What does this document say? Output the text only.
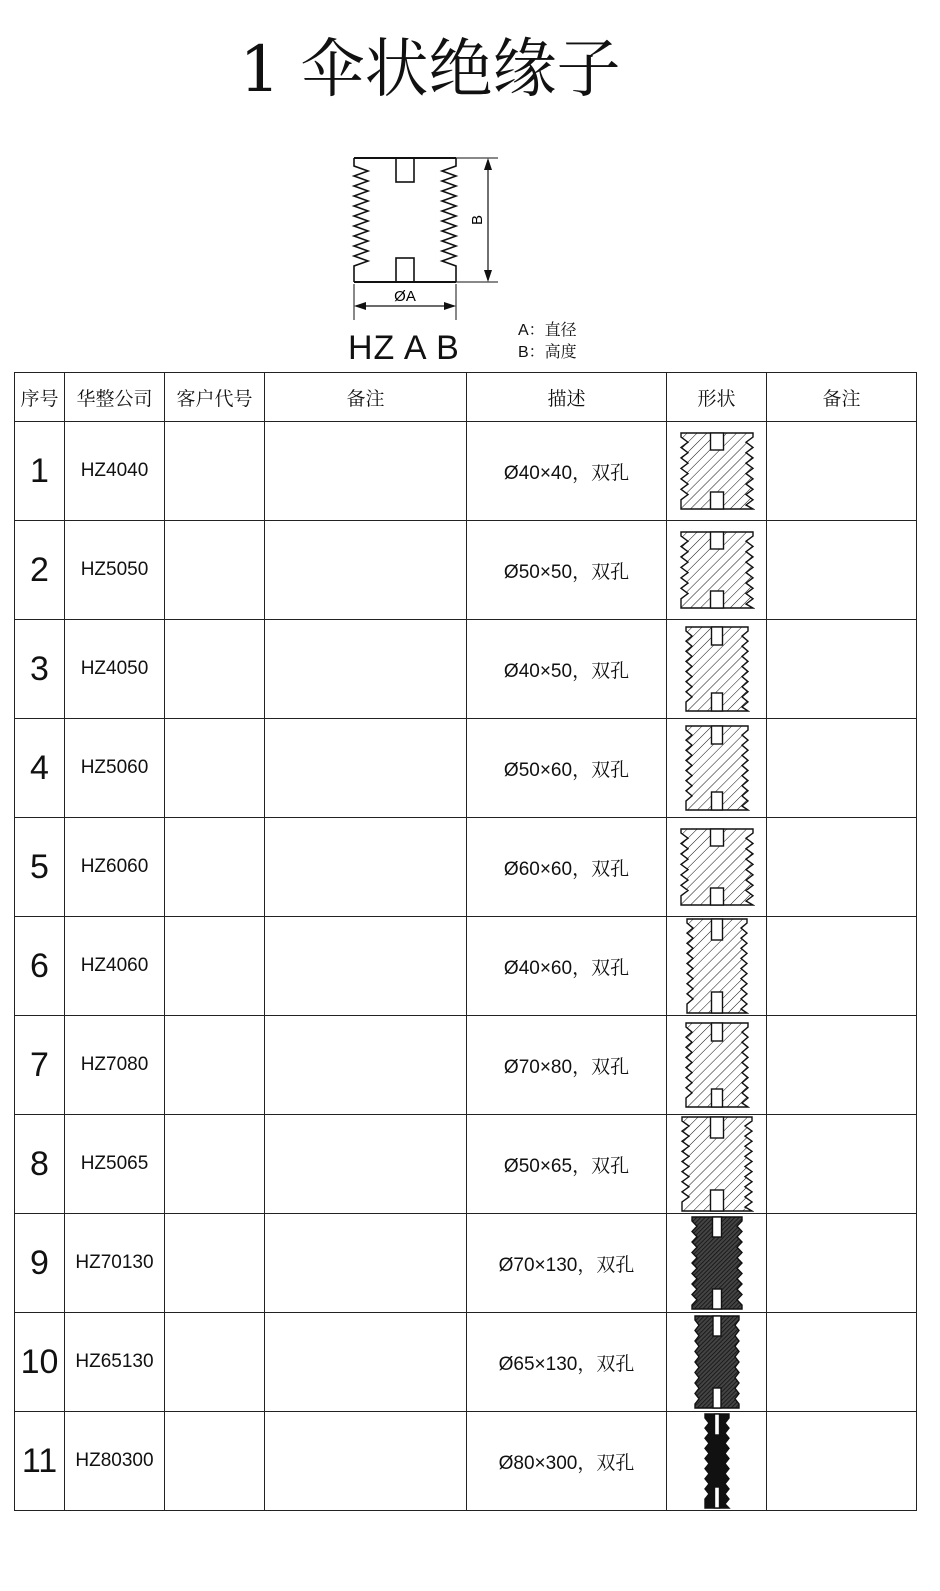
1 伞状绝缘子
B
ØA
HZ A B	A：直径
B：高度
序号	华整公司	客户代号	备注	描述	形状	备注
1	HZ4040			Ø40×40，双孔	

2	HZ5050			Ø50×50，双孔	

3	HZ4050			Ø40×50，双孔	

4	HZ5060			Ø50×60，双孔	

5	HZ6060			Ø60×60，双孔	

6	HZ4060			Ø40×60，双孔	

7	HZ7080			Ø70×80，双孔	

8	HZ5065			Ø50×65，双孔	

9	HZ70130			Ø70×130，双孔	

10	HZ65130			Ø65×130，双孔	

11	HZ80300			Ø80×300，双孔	
